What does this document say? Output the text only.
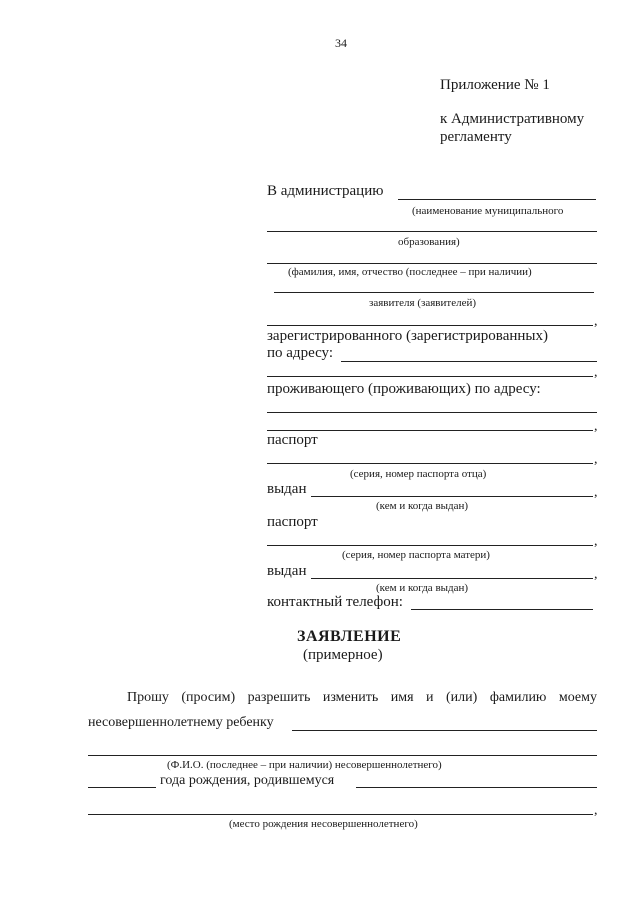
34
Приложение № 1
к Административному
регламенту
В администрацию
(наименование муниципального
образования)
(фамилия, имя, отчество (последнее – при наличии)
заявителя (заявителей)
,
зарегистрированного (зарегистрированных)
по адресу:
,
проживающего (проживающих) по адресу:
,
паспорт
,
(серия, номер паспорта отца)
выдан	,
(кем и когда выдан)
паспорт
,
(серия, номер паспорта матери)
выдан	,
(кем и когда выдан)
контактный телефон:
ЗАЯВЛЕНИЕ
(примерное)
Прошу (просим) разрешить изменить имя и (или) фамилию моему
несовершеннолетнему ребенку
(Ф.И.О. (последнее – при наличии) несовершеннолетнего)
года рождения, родившемуся
,
(место рождения несовершеннолетнего)
